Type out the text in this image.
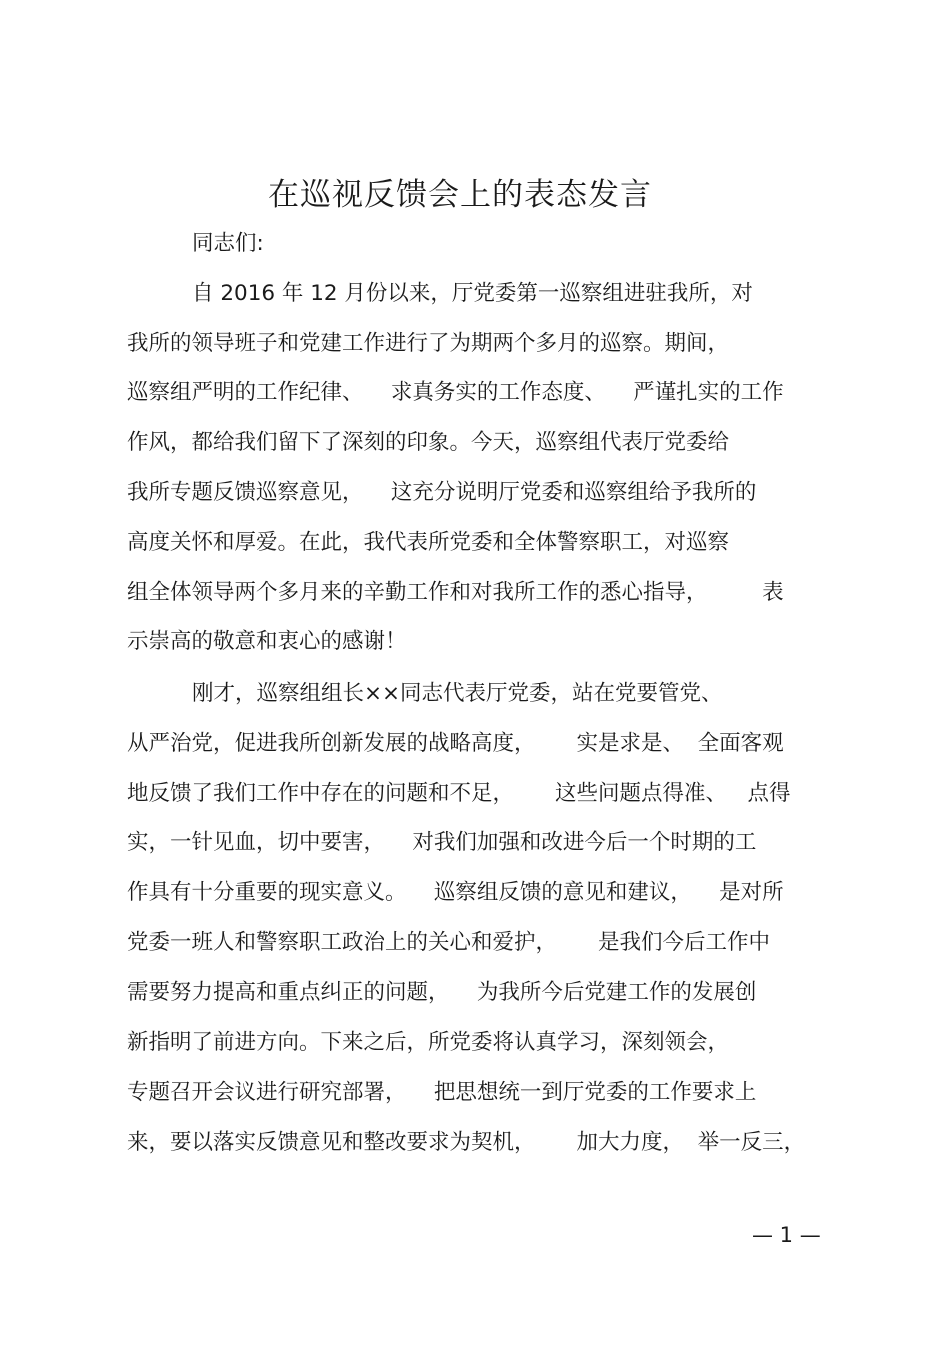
在巡视反馈会上的表态发言
同志们:
自 2016 年 12 月份以来，厅党委第一巡察组进驻我所，对
我所的领导班子和党建工作进行了为期两个多月的巡察。期间，
巡察组严明的工作纪律、    求真务实的工作态度、    严谨扎实的工作
作风，都给我们留下了深刻的印象。今天，巡察组代表厅党委给
我所专题反馈巡察意见，    这充分说明厅党委和巡察组给予我所的
高度关怀和厚爱。在此，我代表所党委和全体警察职工，对巡察
组全体领导两个多月来的辛勤工作和对我所工作的悉心指导，        表
示崇高的敬意和衷心的感谢！
刚才，巡察组组长××同志代表厅党委，站在党要管党、
从严治党，促进我所创新发展的战略高度，      实是求是、  全面客观
地反馈了我们工作中存在的问题和不足，      这些问题点得准、   点得
实，一针见血，切中要害，    对我们加强和改进今后一个时期的工
作具有十分重要的现实意义。    巡察组反馈的意见和建议，    是对所
党委一班人和警察职工政治上的关心和爱护，      是我们今后工作中
需要努力提高和重点纠正的问题，    为我所今后党建工作的发展创
新指明了前进方向。下来之后，所党委将认真学习，深刻领会，
专题召开会议进行研究部署，    把思想统一到厅党委的工作要求上
来，要以落实反馈意见和整改要求为契机，      加大力度，  举一反三，
— 1 —
